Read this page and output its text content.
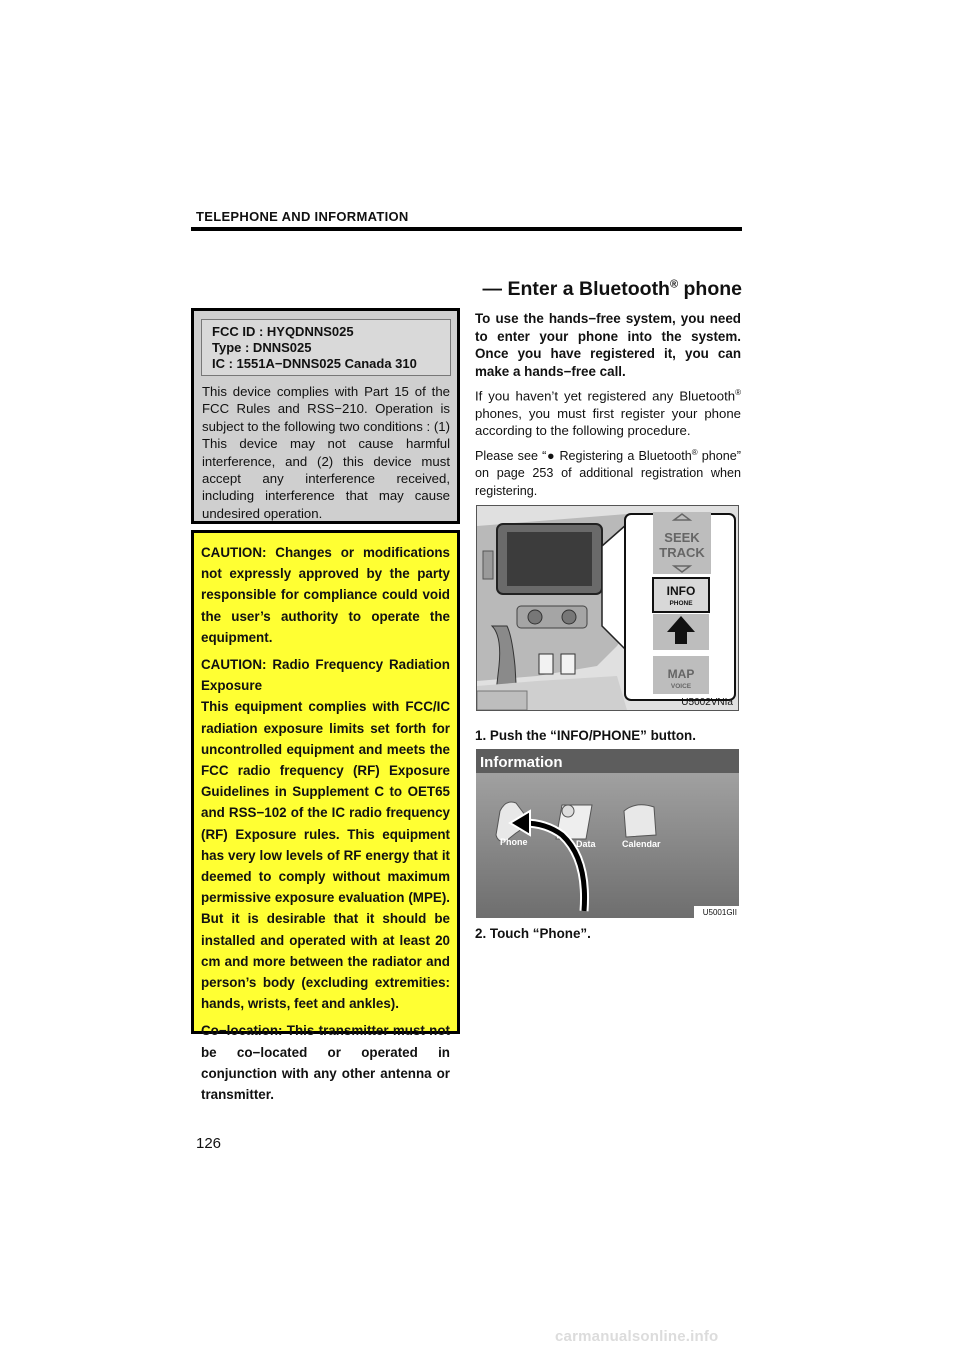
TELEPHONE AND INFORMATION
— Enter a Bluetooth® phone
FCC ID : HYQDNNS025
Type : DNNS025
IC : 1551A−DNNS025 Canada 310
This device complies with Part 15 of the FCC Rules and RSS−210. Operation is subject to the following two conditions : (1) This device may not cause harmful interference, and (2) this device must accept any interference received, including interference that may cause undesired operation.

CAUTION: Changes or modifications not expressly approved by the party responsible for compliance could void the user’s authority to operate the equipment.

CAUTION: Radio Frequency Radiation Exposure
This equipment complies with FCC/IC radiation exposure limits set forth for uncontrolled equipment and meets the FCC radio frequency (RF) Exposure Guidelines in Supplement C to OET65 and RSS−102 of the IC radio frequency (RF) Exposure rules. This equipment has very low levels of RF energy that it deemed to comply without maximum permissive exposure evaluation (MPE). But it is desirable that it should be installed and operated with at least 20 cm and more between the radiator and person’s body (excluding extremities: hands, wrists, feet and ankles).

Co−location: This transmitter must not be co−located or operated in conjunction with any other antenna or transmitter.

To use the hands−free system, you need to enter your phone into the system. Once you have registered it, you can make a hands−free call.

If you haven’t yet registered any Bluetooth® phones, you must first register your phone according to the following procedure.

Please see “● Registering a Bluetooth® phone” on page 253 of additional registration when registering.

SEEK
TRACK
INFO
PHONE
MAP
VOICE
U5002VNIa
1. Push the “INFO/PHONE” button.
Information
Phone	Data	Calendar
U5001GII
2. Touch “Phone”.
126
carmanualsonline.info
